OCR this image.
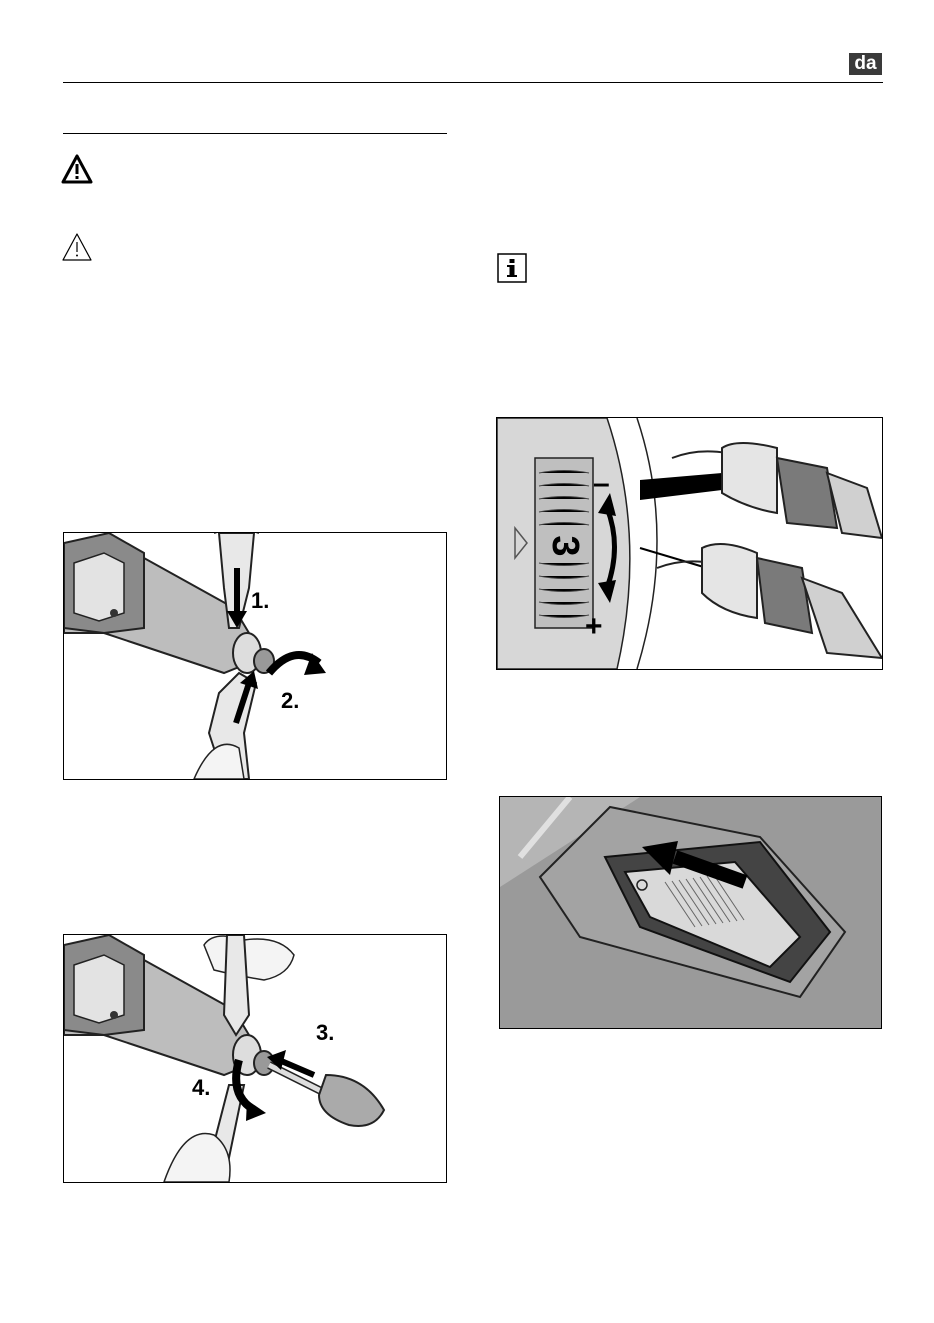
da
1.
2.
3.
4.
3
–
+
